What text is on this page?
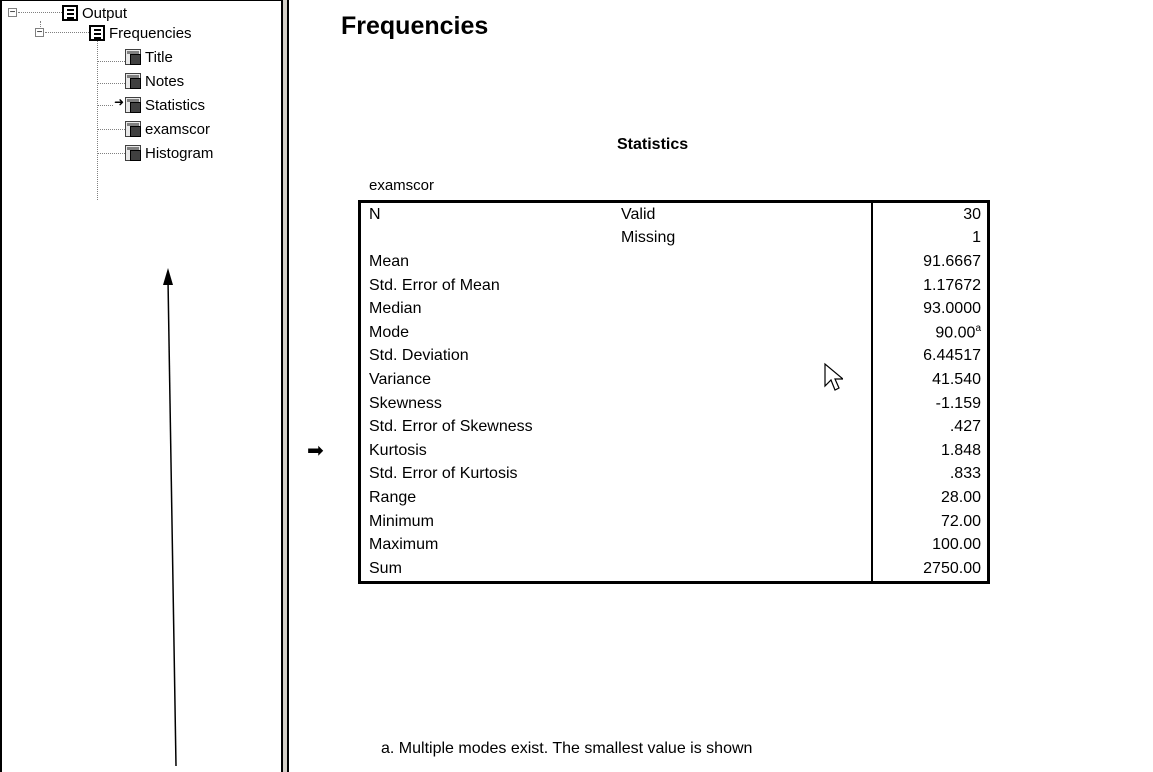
−
−
Output
Frequencies
Title
Notes
➜ Statistics
examscor
Histogram
Frequencies
Statistics
examscor
➡
N	Valid	30
	Missing	1
Mean		91.6667
Std. Error of Mean		1.17672
Median		93.0000
Mode		90.00$^a$
Std. Deviation		6.44517
Variance		41.540
Skewness		-1.159
Std. Error of Skewness		.427
Kurtosis		1.848
Std. Error of Kurtosis		.833
Range		28.00
Minimum		72.00
Maximum		100.00
Sum		2750.00
a. Multiple modes exist. The smallest value is shown
